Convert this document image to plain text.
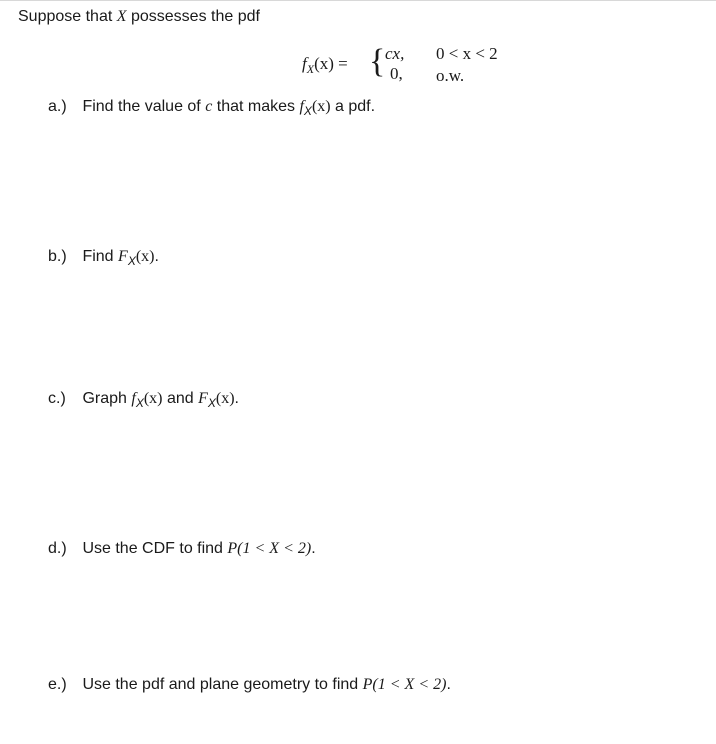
Suppose that X possesses the pdf
$f_X(x)$ = { cx,
0,
0 < x < 2
o.w.
a.) Find the value of c that makes $f_X(x)$ a pdf.
b.) Find $F_X(x)$.
c.) Graph $f_X(x)$ and $F_X(x)$.
d.) Use the CDF to find P(1 < X < 2).
e.) Use the pdf and plane geometry to find P(1 < X < 2).
